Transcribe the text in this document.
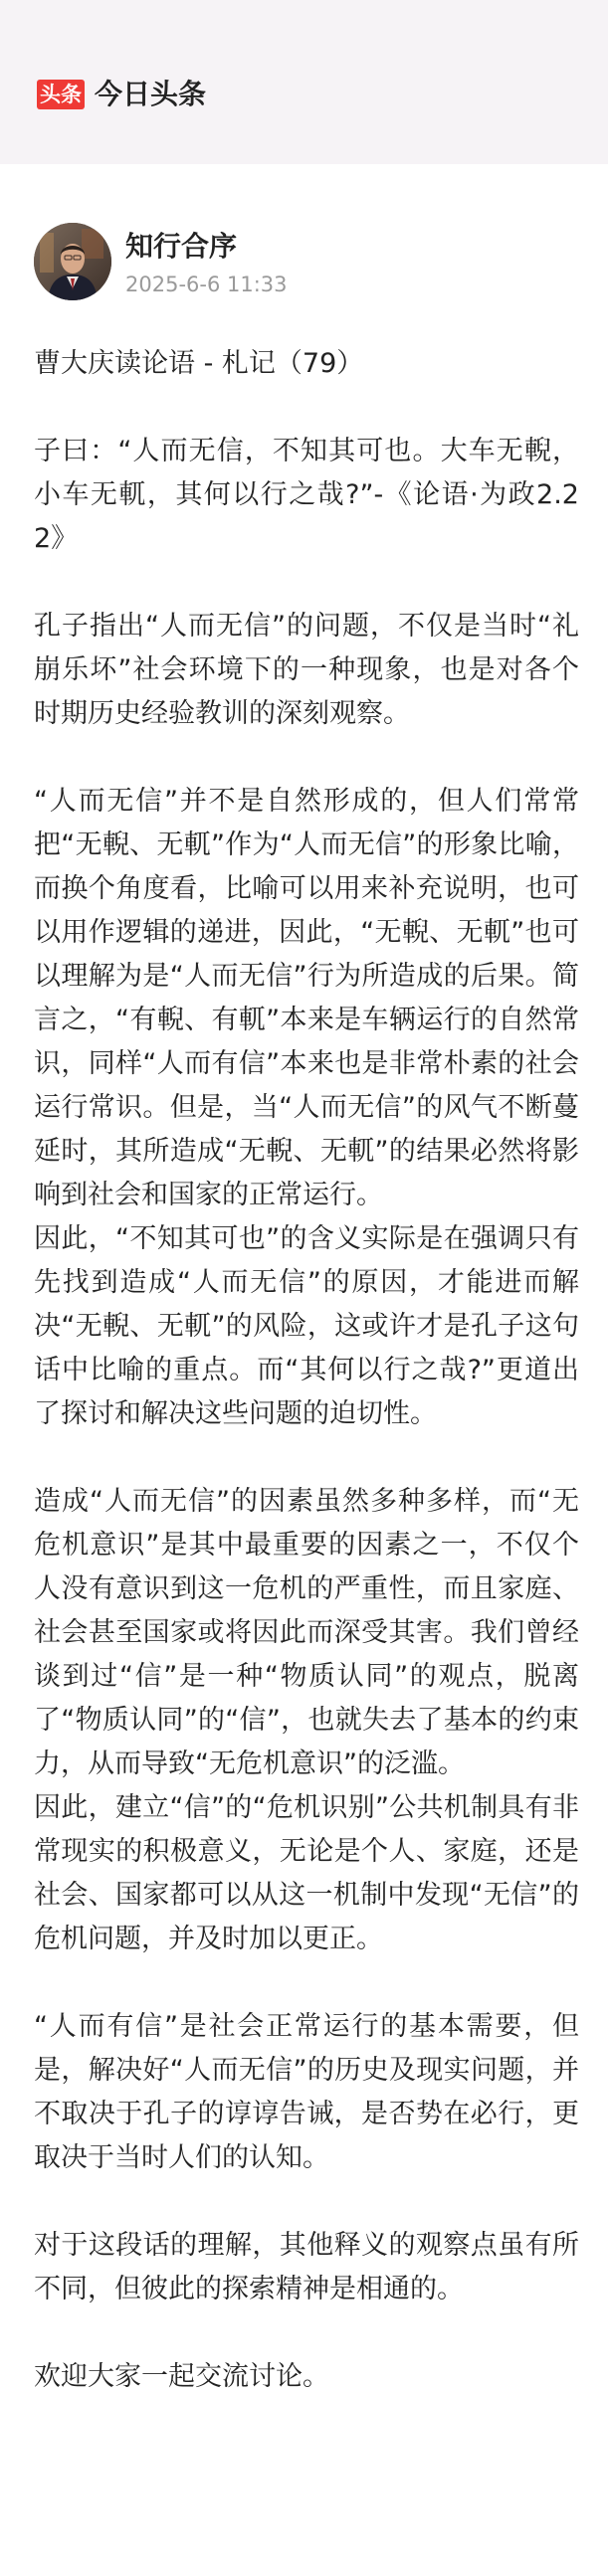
头条 今日头条
知行合序
2025-6-6 11:33
曹大庆读论语 - 札记（79）

子曰：“人而无信，不知其可也。大车无輗，小车无軏，其何以行之哉?”-《论语·为政2.22》

孔子指出“人而无信”的问题，不仅是当时“礼崩乐坏”社会环境下的一种现象，也是对各个时期历史经验教训的深刻观察。

“人而无信”并不是自然形成的，但人们常常把“无輗、无軏”作为“人而无信”的形象比喻，而换个角度看，比喻可以用来补充说明，也可以用作逻辑的递进，因此，“无輗、无軏”也可以理解为是“人而无信”行为所造成的后果。简言之，“有輗、有軏”本来是车辆运行的自然常识，同样“人而有信”本来也是非常朴素的社会运行常识。但是，当“人而无信”的风气不断蔓延时，其所造成“无輗、无軏”的结果必然将影响到社会和国家的正常运行。

因此，“不知其可也”的含义实际是在强调只有先找到造成“人而无信”的原因，才能进而解决“无輗、无軏”的风险，这或许才是孔子这句话中比喻的重点。而“其何以行之哉?”更道出了探讨和解决这些问题的迫切性。

造成“人而无信”的因素虽然多种多样，而“无危机意识”是其中最重要的因素之一，不仅个人没有意识到这一危机的严重性，而且家庭、社会甚至国家或将因此而深受其害。我们曾经谈到过“信”是一种“物质认同”的观点，脱离了“物质认同”的“信”，也就失去了基本的约束力，从而导致“无危机意识”的泛滥。

因此，建立“信”的“危机识别”公共机制具有非常现实的积极意义，无论是个人、家庭，还是社会、国家都可以从这一机制中发现“无信”的危机问题，并及时加以更正。

“人而有信”是社会正常运行的基本需要，但是，解决好“人而无信”的历史及现实问题，并不取决于孔子的谆谆告诫，是否势在必行，更取决于当时人们的认知。

对于这段话的理解，其他释义的观察点虽有所不同，但彼此的探索精神是相通的。

欢迎大家一起交流讨论。
